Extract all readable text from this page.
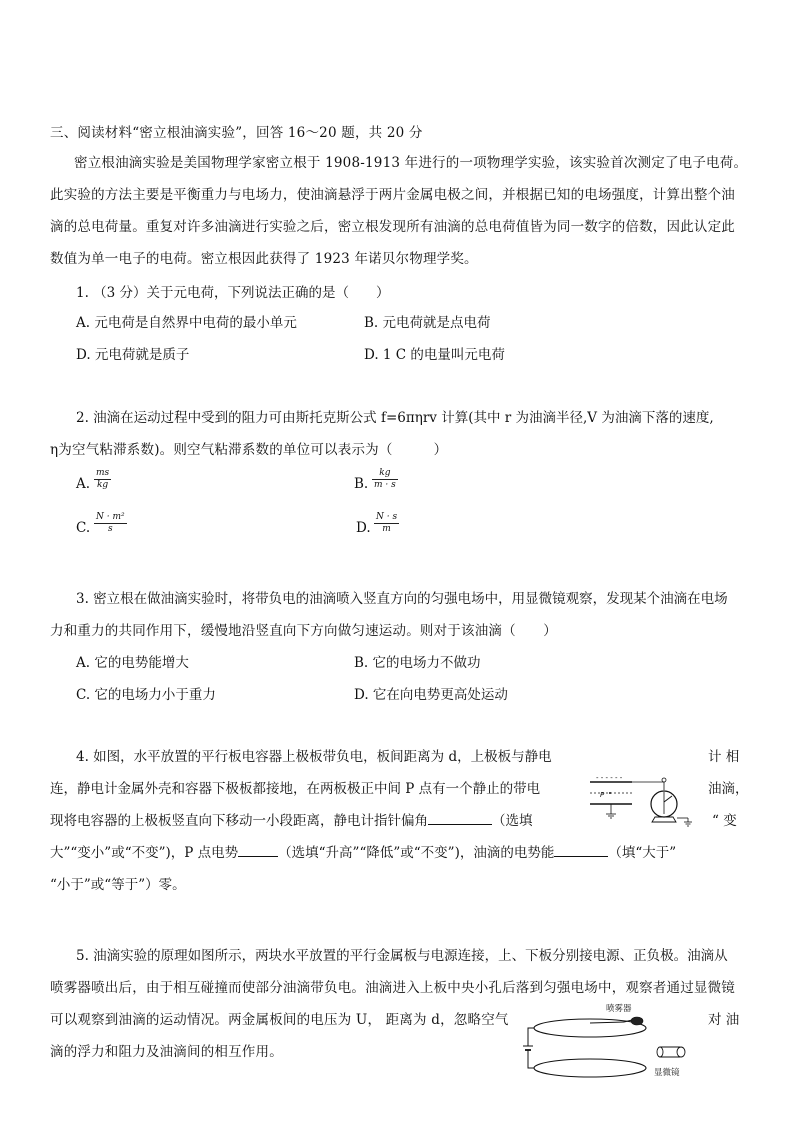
三、阅读材料“密立根油滴实验”，回答 16～20 题，共 20 分
密立根油滴实验是美国物理学家密立根于 1908-1913 年进行的一项物理学实验，该实验首次测定了电子电荷。
此实验的方法主要是平衡重力与电场力，使油滴悬浮于两片金属电极之间，并根据已知的电场强度，计算出整个油
滴的总电荷量。重复对许多油滴进行实验之后，密立根发现所有油滴的总电荷值皆为同一数字的倍数，因此认定此
数值为单一电子的电荷。密立根因此获得了 1923 年诺贝尔物理学奖。
1. （3 分）关于元电荷，下列说法正确的是（　　）
A. 元电荷是自然界中电荷的最小单元	B. 元电荷就是点电荷
D. 元电荷就是质子	D. 1 C 的电量叫元电荷
2. 油滴在运动过程中受到的阻力可由斯托克斯公式 f=6πηrv 计算(其中 r 为油滴半径,V 为油滴下落的速度,
η为空气粘滞系数)。则空气粘滞系数的单位可以表示为（　　　）
A.
ms
kg	B.
kg
m · s
C.
N · m²
s	D.
N · s
m
3. 密立根在做油滴实验时，将带负电的油滴喷入竖直方向的匀强电场中，用显微镜观察，发现某个油滴在电场
力和重力的共同作用下，缓慢地沿竖直向下方向做匀速运动。则对于该油滴（　　）
A. 它的电势能增大	B. 它的电场力不做功
C. 它的电场力小于重力	D. 它在向电势更高处运动
4. 如图，水平放置的平行板电容器上极板带负电，板间距离为 d，上极板与静电	计 相
连，静电计金属外壳和容器下极板都接地，在两板极正中间 P 点有一个静止的带电	油滴，
现将电容器的上极板竖直向下移动一小段距离，静电计指针偏角	（选填	“ 变
大”“变小”或“不变”)，P 点电势	（选填“升高”“降低”或“不变”)，油滴的电势能	（填“大于”
“小于”或“等于”）零。
- - - - - -
P
5. 油滴实验的原理如图所示，两块水平放置的平行金属板与电源连接，上、下板分别接电源、正负极。油滴从
喷雾器喷出后，由于相互碰撞而使部分油滴带负电。油滴进入上板中央小孔后落到匀强电场中，观察者通过显微镜
可以观察到油滴的运动情况。两金属板间的电压为 U， 距离为 d，忽略空气	对 油
滴的浮力和阻力及油滴间的相互作用。
喷雾器
显微镜
